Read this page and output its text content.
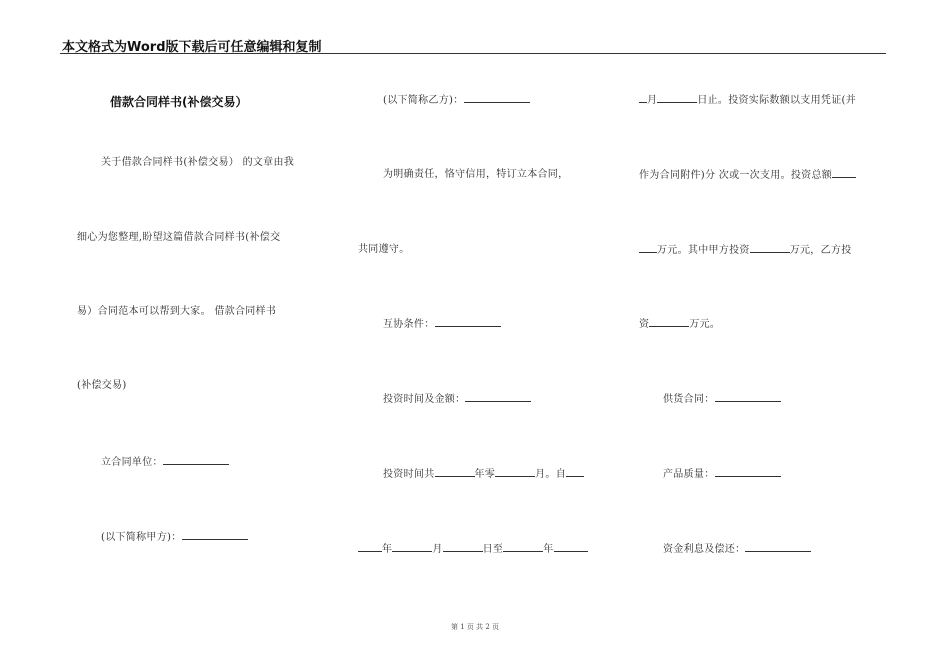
本文格式为Word版下载后可任意编辑和复制
借款合同样书(补偿交易）
关于借款合同样书(补偿交易） 的文章由我
细心为您整理,盼望这篇借款合同样书(补偿交
易）合同范本可以帮到大家。 借款合同样书
(补偿交易)
立合同单位：
(以下简称甲方)：
(以下简称乙方)：
为明确责任，恪守信用，特订立本合同，
共同遵守。
互协条件：
投资时间及金额：
投资时间共	年零	月。自
年	月	日至	年
月	日止。投资实际数额以支用凭证(并
作为合同附件)分 次或一次支用。投资总额
万元。其中甲方投资	万元，乙方投
资	万元。
供货合同：
产品质量：
资金利息及偿还：
第 1 页 共 2 页
